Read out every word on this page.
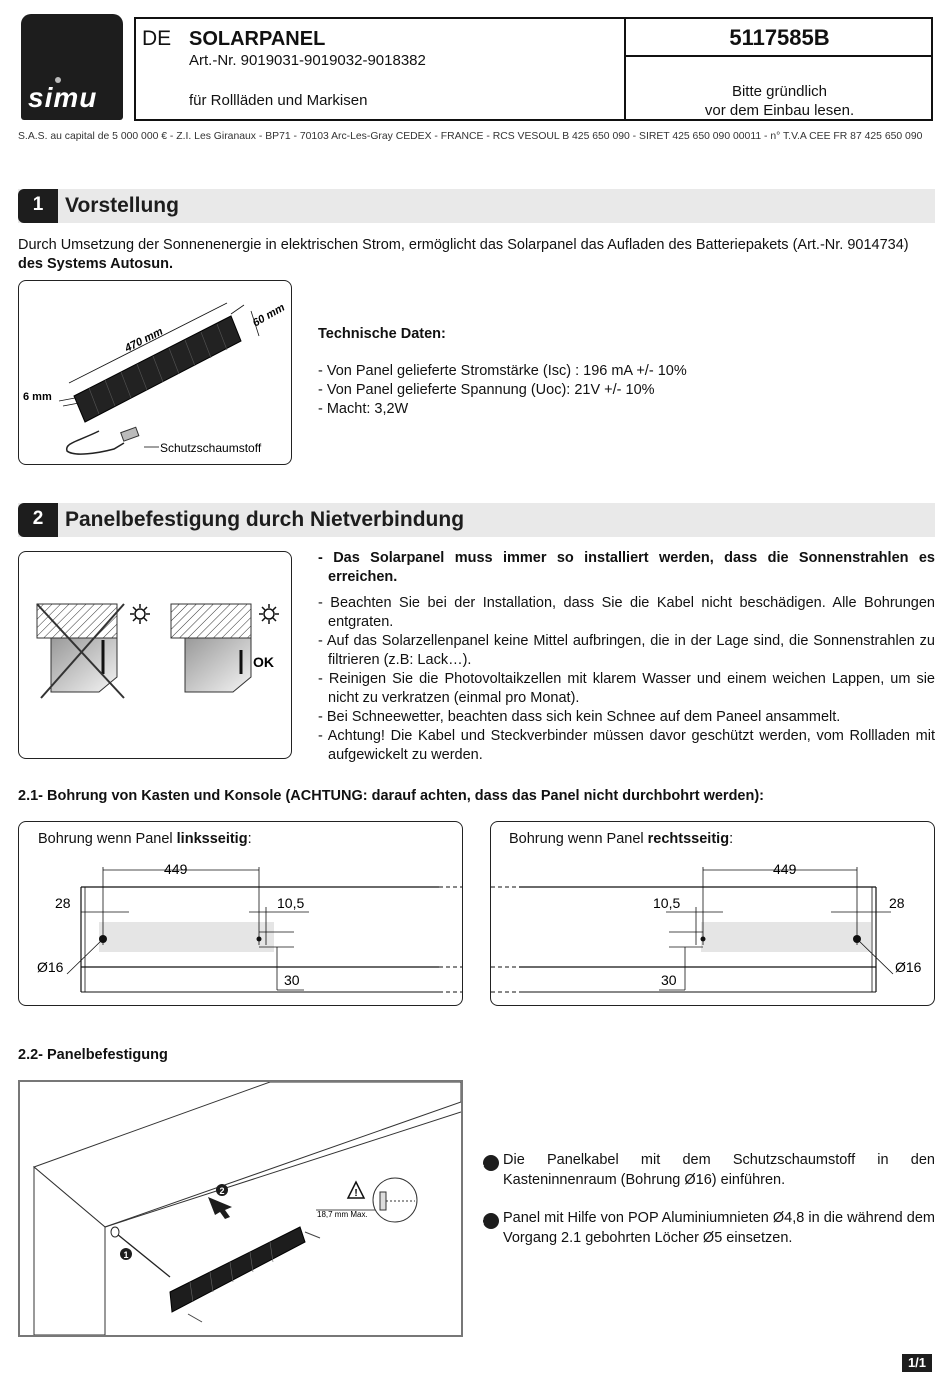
simu
DE SOLARPANEL
Art.-Nr. 9019031-9019032-9018382
für Rollläden und Markisen
5117585B
Bitte gründlich
vor dem Einbau lesen.
S.A.S. au capital de 5 000 000 € - Z.I. Les Giranaux - BP71 - 70103 Arc-Les-Gray CEDEX - FRANCE - RCS VESOUL B 425 650 090 - SIRET 425 650 090 00011 - n° T.V.A CEE FR 87 425 650 090
1	Vorstellung
Durch Umsetzung der Sonnenenergie in elektrischen Strom, ermöglicht das Solarpanel das Aufladen des Batteriepakets (Art.-Nr. 9014734)
des Systems Autosun.
470 mm
60 mm
6 mm
Schutzschaumstoff
Technische Daten:
- Von Panel gelieferte Stromstärke (Isc) : 196 mA +/- 10%
- Von Panel gelieferte Spannung (Uoc): 21V +/- 10%
- Macht: 3,2W
2	Panelbefestigung durch Nietverbindung
OK
- Das Solarpanel muss immer so installiert werden, dass die Sonnenstrahlen es erreichen.
- Beachten Sie bei der Installation, dass Sie die Kabel nicht beschädigen. Alle Bohrungen entgraten.
- Auf das Solarzellenpanel keine Mittel aufbringen, die in der Lage sind, die Sonnenstrahlen zu filtrieren (z.B: Lack…).
- Reinigen Sie die Photovoltaikzellen mit klarem Wasser und einem weichen Lappen, um sie nicht zu verkratzen (einmal pro Monat).
- Bei Schneewetter, beachten dass sich kein Schnee auf dem Paneel ansammelt.
- Achtung! Die Kabel und Steckverbinder müssen davor geschützt werden, vom Rollladen mit aufgewickelt zu werden.
2.1- Bohrung von Kasten und Konsole (ACHTUNG: darauf achten, dass das Panel nicht durchbohrt werden):
Bohrung wenn Panel linksseitig:
449
28	10,5
30
Ø16
Bohrung wenn Panel rechtsseitig:
449
28
10,5
30
Ø16
2.2- Panelbefestigung
1
2	!
18,7 mm Max.
1 Die Panelkabel mit dem Schutzschaumstoff in den Kasteninnenraum (Bohrung Ø16) einführen.
2 Panel mit Hilfe von POP Aluminiumnieten Ø4,8 in die während dem Vorgang 2.1 gebohrten Löcher Ø5 einsetzen.
1/1
